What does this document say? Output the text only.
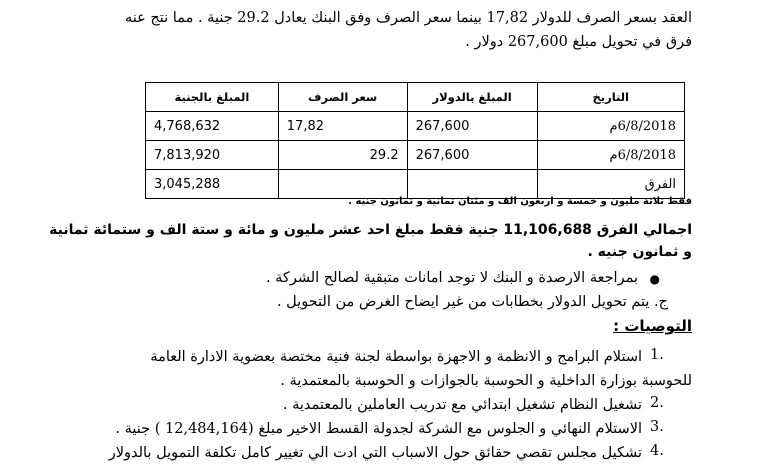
العقد بسعر الصرف للدولار 17,82 بينما سعر الصرف وفق البنك يعادل 29.2 جنية . مما نتج عنه
فرق في تحويل مبلغ 267,600 دولار .
التاريخ	المبلغ بالدولار	سعر الصرف	المبلغ بالجنية
6/8/2018م	267,600	17,82	4,768,632
6/8/2018م	267,600	29.2	7,813,920
الفرق			3,045,288
فقط ثلاثة مليون و خمسة و اربعون الف و مئتان ثمانية و ثمانون جنيه .
اجمالي الفرق 11,106,688 جنية فقط مبلغ احد عشر مليون و مائة و ستة الف و ستمائة ثمانية
و ثمانون جنيه .
●
بمراجعة الارصدة و البنك لا توجد امانات متبقية لصالح الشركة .
ج. يتم تحويل الدولار بخطابات من غير ايضاح الغرض من التحويل .
التوصيات :
1.
استلام البرامج و الانظمة و الاجهزة بواسطة لجنة فنية مختصة بعضوية الادارة العامة
للحوسبة بوزارة الداخلية و الحوسبة بالجوازات و الحوسبة بالمعتمدية .
2.
تشغيل النظام تشغيل ابتدائي مع تدريب العاملين بالمعتمدية .
3.
الاستلام النهائي و الجلوس مع الشركة لجدولة القسط الاخير مبلغ (12,484,164 ) جنية .
4.
تشكيل مجلس تقصي حقائق حول الاسباب التي ادت الي تغيير كامل تكلفة التمويل بالدولار
